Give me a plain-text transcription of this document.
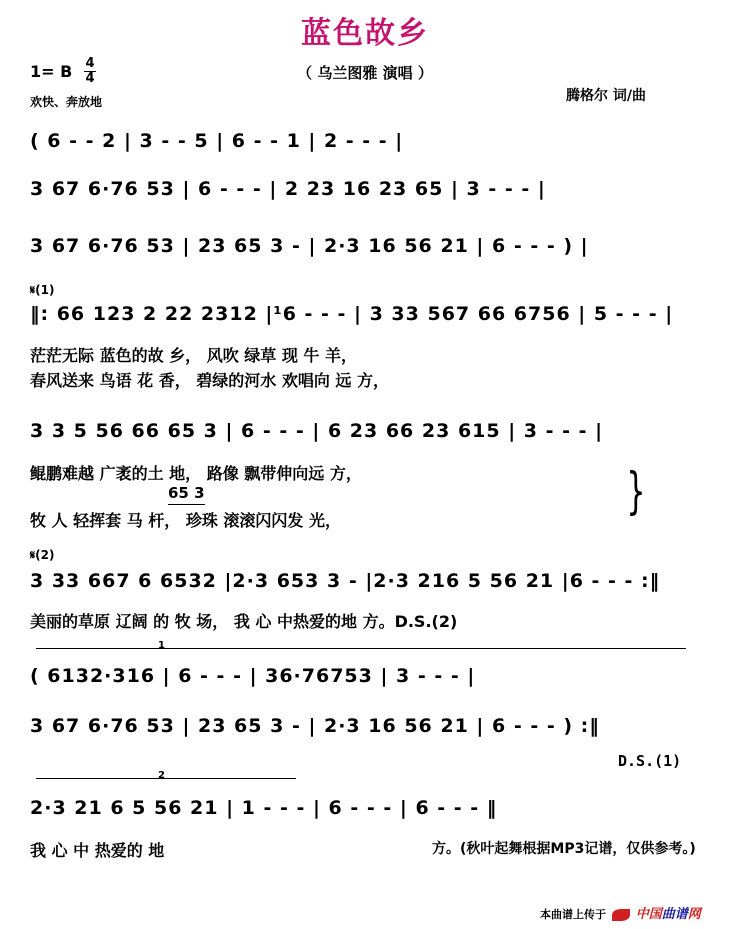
蓝色故乡
（ 乌兰图雅 演唱 ）
1= B 4
4
欢快、奔放地	腾格尔 词/曲
( 6 - - 2 | 3 - - 5 | 6 - - 1 | 2 - - - |
3 67 6·76 53 | 6 - - - | 2 23 16 23 65 | 3 - - - |
3 67 6·76 53 | 23 65 3 - | 2·3 16 56 21 | 6 - - - ) |
𝄋(1)
‖: 66 123 2 22 2312 |¹6 - - - | 3 33 567 66 6756 | 5 - - - |
茫茫无际 蓝色的故 乡， 风吹 绿草 现 牛 羊，
春风送来 鸟语 花 香， 碧绿的河水 欢唱向 远 方，
3 3 5 56 66 65 3 | 6 - - - | 6 23 66 23 615 | 3 - - - |
鲲鹏难越 广袤的土 地， 路像 飘带伸向远 方，
65 3
牧 人 轻挥套 马 杆， 珍珠 滚滚闪闪发 光，
}
𝄋(2)
3 33 667 6 6532 |2·3 653 3 - |2·3 216 5 56 21 |6 - - - :‖
美丽的草原 辽阔 的 牧 场， 我 心 中热爱的地 方。D.S.(2)
1
( 6132·316 | 6 - - - | 36·76753 | 3 - - - |
3 67 6·76 53 | 23 65 3 - | 2·3 16 56 21 | 6 - - - ) :‖
D.S.(1)
2
2·3 21 6 5 56 21 | 1 - - - | 6 - - - | 6 - - - ‖
我 心 中 热爱的 地	方。(秋叶起舞根据MP3记谱，仅供参考。)
本曲谱上传于 中国曲谱网
